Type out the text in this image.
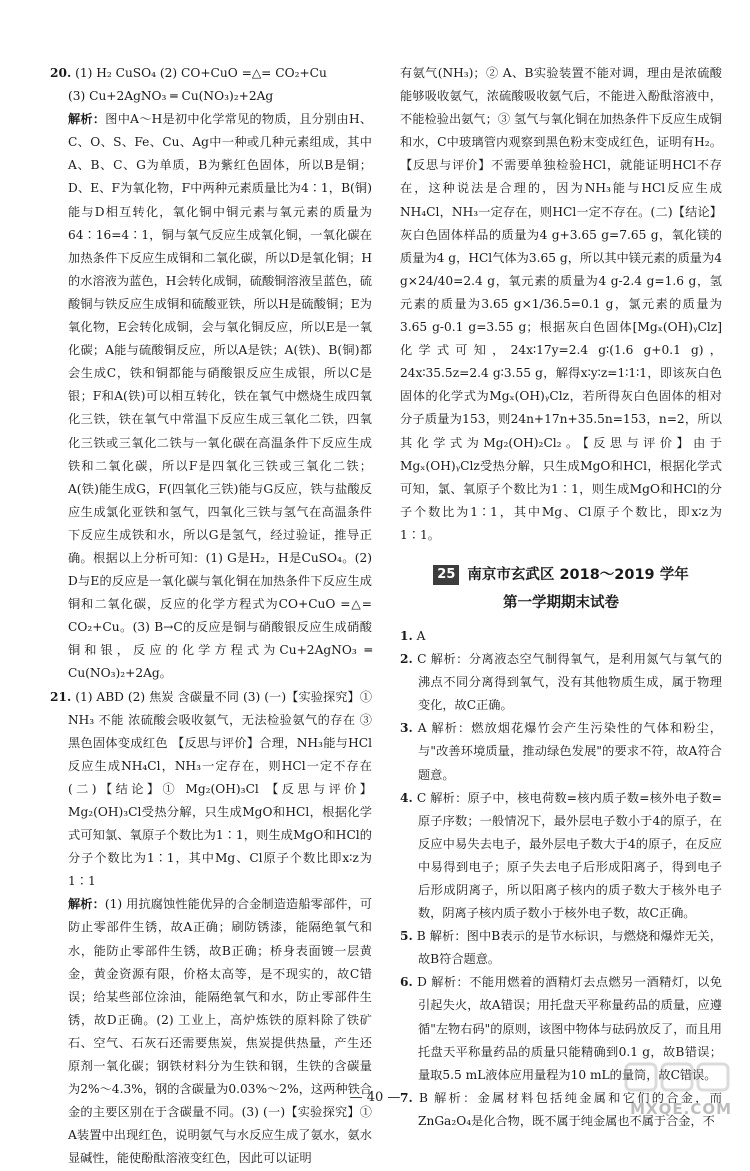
20. (1) H₂ CuSO₄ (2) CO+CuO =△= CO₂+Cu

(3) Cu+2AgNO₃ ═ Cu(NO₃)₂+2Ag

解析：图中A～H是初中化学常见的物质，且分别由H、C、O、S、Fe、Cu、Ag中一种或几种元素组成，其中A、B、C、G为单质，B为紫红色固体，所以B是铜；D、E、F为氧化物，F中两种元素质量比为4∶1，B(铜)能与D相互转化，氧化铜中铜元素与氧元素的质量为64∶16=4∶1，铜与氧气反应生成氧化铜，一氧化碳在加热条件下反应生成铜和二氧化碳，所以D是氧化铜；H的水溶液为蓝色，H会转化成铜，硫酸铜溶液呈蓝色，硫酸铜与铁反应生成铜和硫酸亚铁，所以H是硫酸铜；E为氧化物，E会转化成铜，会与氧化铜反应，所以E是一氧化碳；A能与硫酸铜反应，所以A是铁；A(铁)、B(铜)都会生成C，铁和铜都能与硝酸银反应生成银，所以C是银；F和A(铁)可以相互转化，铁在氧气中燃烧生成四氧化三铁，铁在氧气中常温下反应生成三氧化二铁，四氧化三铁或三氧化二铁与一氧化碳在高温条件下反应生成铁和二氧化碳，所以F是四氧化三铁或三氧化二铁；A(铁)能生成G，F(四氧化三铁)能与G反应，铁与盐酸反应生成氯化亚铁和氢气，四氧化三铁与氢气在高温条件下反应生成铁和水，所以G是氢气，经过验证，推导正确。根据以上分析可知：(1) G是H₂，H是CuSO₄。(2) D与E的反应是一氧化碳与氧化铜在加热条件下反应生成铜和二氧化碳，反应的化学方程式为CO+CuO =△= CO₂+Cu。(3) B→C的反应是铜与硝酸银反应生成硝酸铜和银，反应的化学方程式为Cu+2AgNO₃ ═ Cu(NO₃)₂+2Ag。

21. (1) ABD (2) 焦炭 含碳量不同 (3) (一)【实验探究】① NH₃ 不能 浓硫酸会吸收氨气，无法检验氨气的存在 ③ 黑色固体变成红色 【反思与评价】合理，NH₃能与HCl反应生成NH₄Cl，NH₃一定存在，则HCl一定不存在 (二)【结论】① Mg₂(OH)₃Cl 【反思与评价】Mg₂(OH)₃Cl受热分解，只生成MgO和HCl，根据化学式可知氯、氧原子个数比为1∶1，则生成MgO和HCl的分子个数比为1∶1，其中Mg、Cl原子个数比即x∶z为1∶1

解析：(1) 用抗腐蚀性能优异的合金制造造船零部件，可防止零部件生锈，故A正确；刷防锈漆，能隔绝氧气和水，能防止零部件生锈，故B正确；桥身表面镀一层黄金，黄金资源有限，价格太高等，是不现实的，故C错误；给某些部位涂油，能隔绝氧气和水，防止零部件生锈，故D正确。(2) 工业上，高炉炼铁的原料除了铁矿石、空气、石灰石还需要焦炭，焦炭提供热量，产生还原剂一氧化碳；钢铁材料分为生铁和钢，生铁的含碳量为2%～4.3%，钢的含碳量为0.03%～2%，这两种铁合金的主要区别在于含碳量不同。(3) (一)【实验探究】① A装置中出现红色，说明氨气与水反应生成了氨水，氨水显碱性，能使酚酞溶液变红色，因此可以证明

有氨气(NH₃)；② A、B实验装置不能对调，理由是浓硫酸能够吸收氨气，浓硫酸吸收氨气后，不能进入酚酞溶液中，不能检验出氨气；③ 氢气与氧化铜在加热条件下反应生成铜和水，C中玻璃管内观察到黑色粉末变成红色，证明有H₂。【反思与评价】不需要单独检验HCl，就能证明HCl不存在，这种说法是合理的，因为NH₃能与HCl反应生成NH₄Cl，NH₃一定存在，则HCl一定不存在。(二)【结论】灰白色固体样品的质量为4 g+3.65 g=7.65 g，氧化镁的质量为4 g，HCl气体为3.65 g，所以其中镁元素的质量为4 g×24/40=2.4 g，氧元素的质量为4 g-2.4 g=1.6 g，氢元素的质量为3.65 g×1/36.5=0.1 g，氯元素的质量为3.65 g-0.1 g=3.55 g；根据灰白色固体[Mgₓ(OH)ᵧClz]化学式可知，24x∶17y=2.4 g∶(1.6 g+0.1 g)，24x∶35.5z=2.4 g∶3.55 g，解得x∶y∶z=1∶1∶1，即该灰白色固体的化学式为Mgₓ(OH)ᵧClz，若所得灰白色固体的相对分子质量为153，则24n+17n+35.5n=153，n=2，所以其化学式为Mg₂(OH)₂Cl₂。【反思与评价】由于Mgₓ(OH)ᵧClz受热分解，只生成MgO和HCl，根据化学式可知，氯、氧原子个数比为1∶1，则生成MgO和HCl的分子个数比为1∶1，其中Mg、Cl原子个数比，即x∶z为1∶1。

25 南京市玄武区 2018～2019 学年
第一学期期末试卷

1. A

2. C 解析：分离液态空气制得氧气，是利用氮气与氧气的沸点不同分离得到氧气，没有其他物质生成，属于物理变化，故C正确。

3. A 解析：燃放烟花爆竹会产生污染性的气体和粉尘，与"改善环境质量，推动绿色发展"的要求不符，故A符合题意。

4. C 解析：原子中，核电荷数=核内质子数=核外电子数=原子序数；一般情况下，最外层电子数小于4的原子，在反应中易失去电子，最外层电子数大于4的原子，在反应中易得到电子；原子失去电子后形成阳离子，得到电子后形成阴离子，所以阳离子核内的质子数大于核外电子数，阴离子核内质子数小于核外电子数，故C正确。

5. B 解析：图中B表示的是节水标识，与燃烧和爆炸无关，故B符合题意。

6. D 解析：不能用燃着的酒精灯去点燃另一酒精灯，以免引起失火，故A错误；用托盘天平称量药品的质量，应遵循"左物右码"的原则，该图中物体与砝码放反了，而且用托盘天平称量药品的质量只能精确到0.1 g，故B错误；量取5.5 mL液体应用量程为10 mL的量筒，故C错误。

7. B 解析：金属材料包括纯金属和它们的合金，而ZnGa₂O₄是化合物，既不属于纯金属也不属于合金，不

— 40 —
MXQE.COM
